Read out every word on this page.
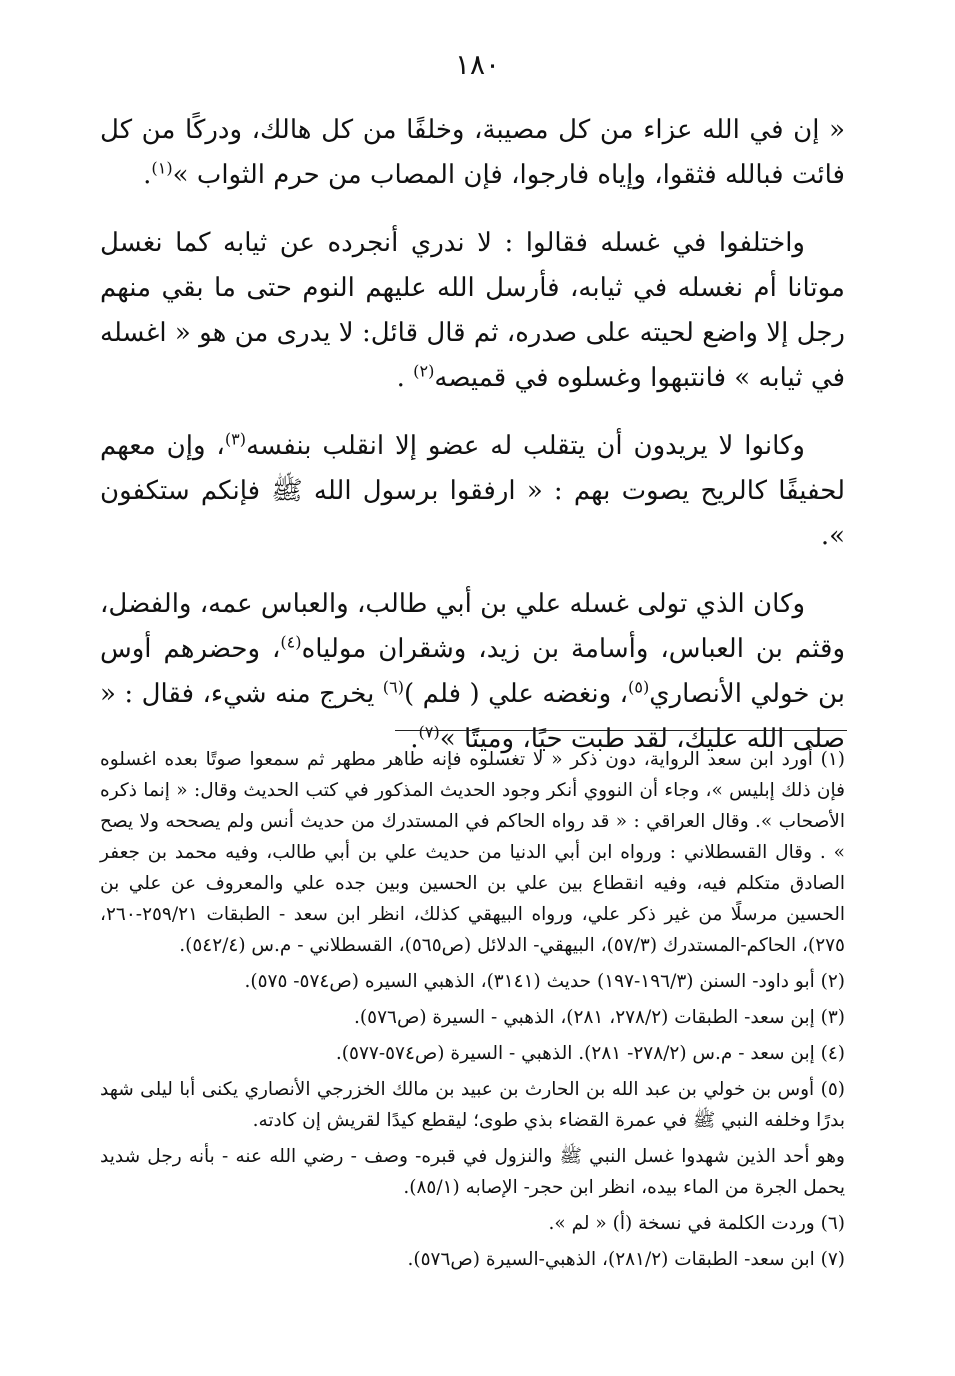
١٨٠

« إن في الله عزاء من كل مصيبة، وخلفًا من كل هالك، ودركًا من كل فائت فبالله فثقوا، وإياه فارجوا، فإن المصاب من حرم الثواب »$^{(١)}$.

واختلفوا في غسله فقالوا : لا ندري أنجرده عن ثيابه كما نغسل موتانا أم نغسله في ثيابه، فأرسل الله عليهم النوم حتى ما بقي منهم رجل إلا واضع لحيته على صدره، ثم قال قائل: لا يدرى من هو « اغسله في ثيابه » فانتبهوا وغسلوه في قميصه$^{(٢)}$ .

وكانوا لا يريدون أن يتقلب له عضو إلا انقلب بنفسه$^{(٣)}$، وإن معهم لحفيفًا كالريح يصوت بهم : « ارفقوا برسول الله ﷺ فإنكم ستكفون ».

وكان الذي تولى غسله علي بن أبي طالب، والعباس عمه، والفضل، وقثم بن العباس، وأسامة بن زيد، وشقران مولياه$^{(٤)}$، وحضرهم أوس بن خولي الأنصاري$^{(٥)}$، ونغضه علي ( فلم )$^{(٦)}$ يخرج منه شيء، فقال : « صلى الله عليك، لقد طبت حيًا، وميتًا »$^{(٧)}$.

(١) أورد ابن سعد الرواية، دون ذكر « لا تغسلوه فإنه طاهر مطهر ثم سمعوا صوتًا بعده اغسلوه فإن ذلك إبليس »، وجاء أن النووي أنكر وجود الحديث المذكور في كتب الحديث وقال: « إنما ذكره الأصحاب ». وقال العراقي : « قد رواه الحاكم في المستدرك من حديث أنس ولم يصححه ولا يصح » . وقال القسطلاني : ورواه ابن أبي الدنيا من حديث علي بن أبي طالب، وفيه محمد بن جعفر الصادق متكلم فيه، وفيه انقطاع بين علي بن الحسين وبين جده علي والمعروف عن علي بن الحسين مرسلًا من غير ذكر علي، ورواه البيهقي كذلك، انظر ابن سعد - الطبقات ٢٥٩/٢١-٢٦٠، ٢٧٥)، الحاكم-المستدرك (٥٧/٣)، البيهقي- الدلائل (ص٥٦٥)، القسطلاني - م.س (٥٤٢/٤).

(٢) أبو داود- السنن (١٩٦/٣-١٩٧) حديث (٣١٤١)، الذهبي السيره (ص٥٧٤- ٥٧٥).

(٣) إبن سعد- الطبقات (٢٧٨/٢، ٢٨١)، الذهبي - السيرة (ص٥٧٦).

(٤) إبن سعد - م.س (٢٧٨/٢- ٢٨١). الذهبي - السيرة (ص٥٧٤-٥٧٧).

(٥) أوس بن خولي بن عبد الله بن الحارث بن عبيد بن مالك الخزرجي الأنصاري يكنى أبا ليلى شهد بدرًا وخلفه النبي ﷺ في عمرة القضاء بذي طوى؛ ليقطع كيدًا لقريش إن كادته.

وهو أحد الذين شهدوا غسل النبي ﷺ والنزول في قبره- وصف - رضي الله عنه - بأنه رجل شديد يحمل الجرة من الماء بيده، انظر ابن حجر- الإصابه (٨٥/١).

(٦) وردت الكلمة في نسخة (أ) « لم ».

(٧) ابن سعد- الطبقات (٢٨١/٢)، الذهبي-السيرة (ص٥٧٦).
